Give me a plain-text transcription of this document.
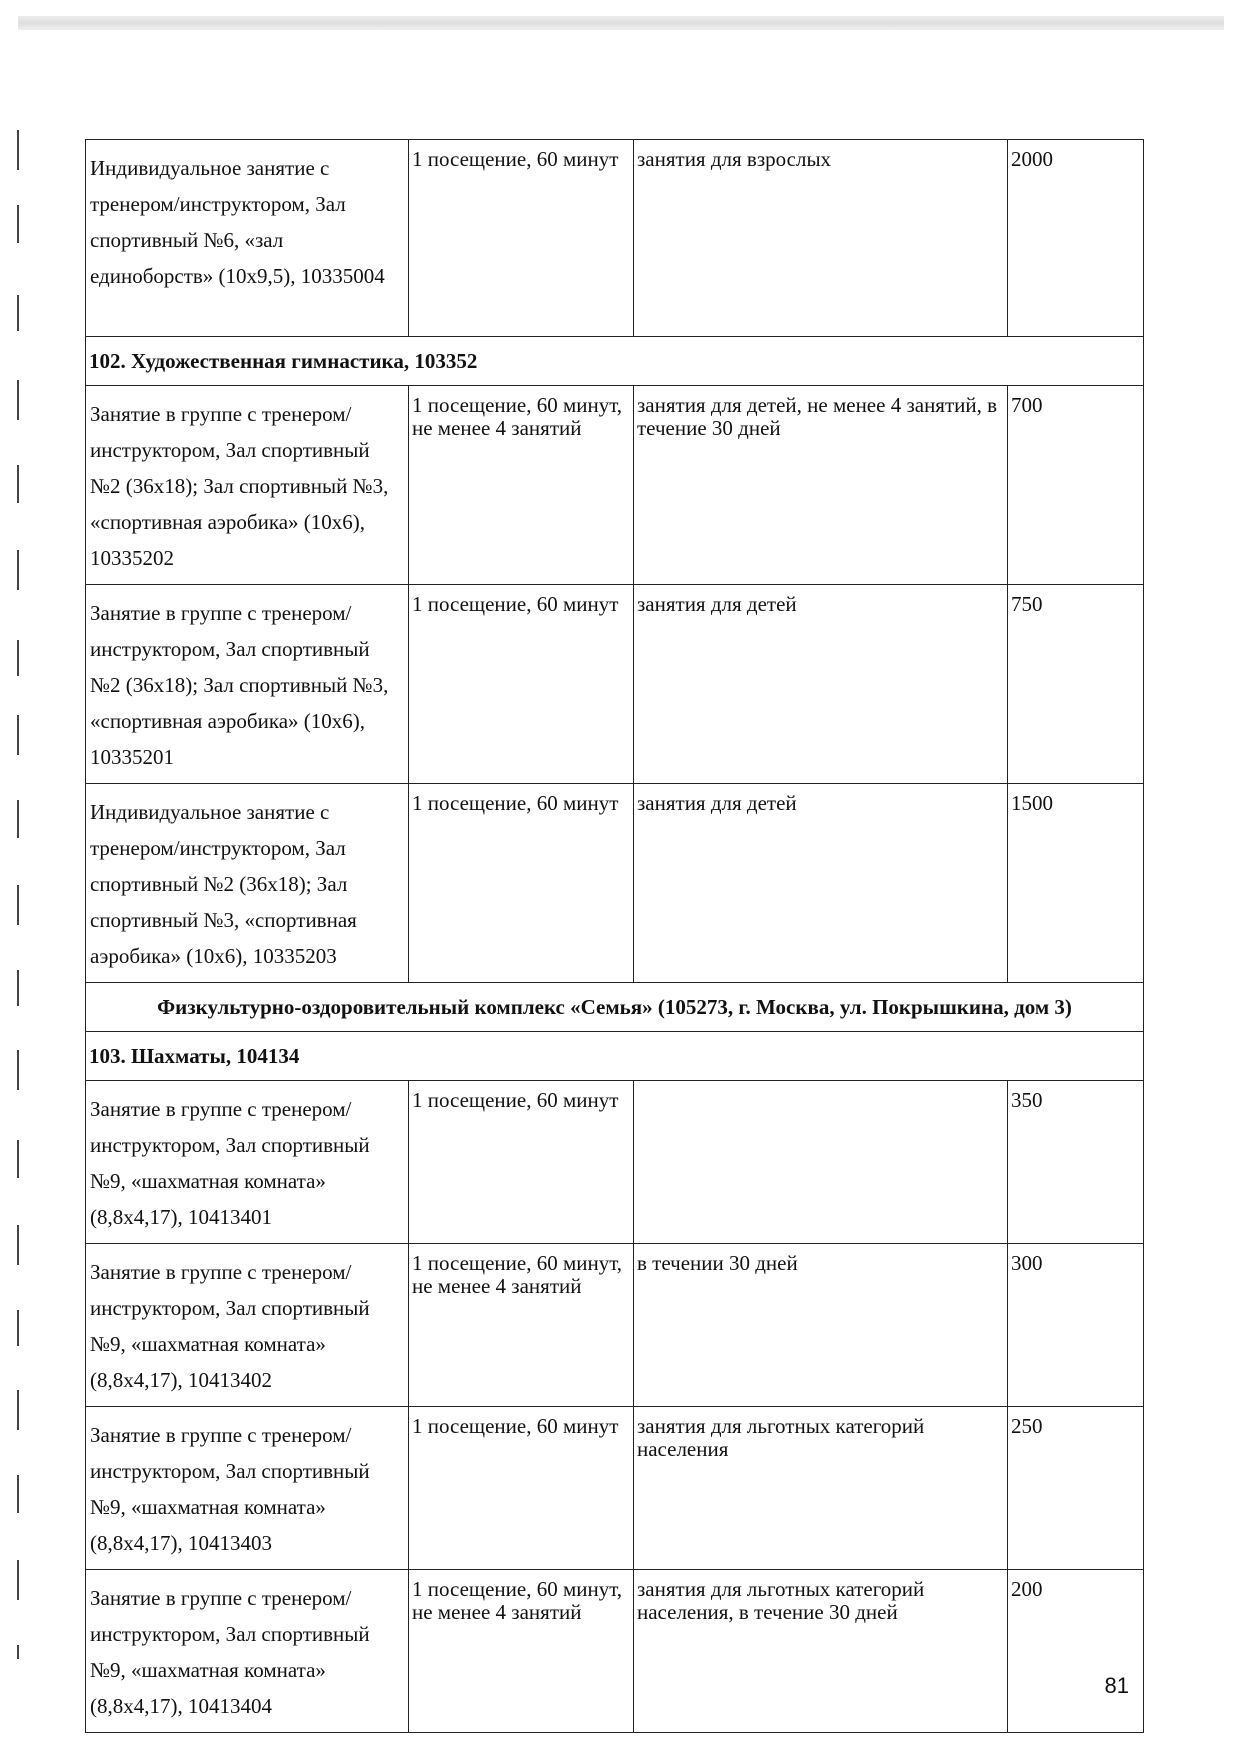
Индивидуальное занятие с тренером/инструктором, Зал спортивный №6, «зал единоборств» (10х9,5), 10335004	1 посещение, 60 минут	занятия для взрослых	2000
102. Художественная гимнастика, 103352			
Занятие в группе с тренером/инструктором, Зал спортивный №2 (36х18); Зал спортивный №3, «спортивная аэробика» (10х6), 10335202	1 посещение, 60 минут, не менее 4 занятий	занятия для детей, не менее 4 занятий, в течение 30 дней	700
Занятие в группе с тренером/инструктором, Зал спортивный №2 (36х18); Зал спортивный №3, «спортивная аэробика» (10х6), 10335201	1 посещение, 60 минут	занятия для детей	750
Индивидуальное занятие с тренером/инструктором, Зал спортивный №2 (36х18); Зал спортивный №3, «спортивная аэробика» (10х6), 10335203	1 посещение, 60 минут	занятия для детей	1500
Физкультурно-оздоровительный комплекс «Семья» (105273, г. Москва, ул. Покрышкина, дом 3)			
103. Шахматы, 104134			
Занятие в группе с тренером/инструктором, Зал спортивный №9, «шахматная комната» (8,8х4,17), 10413401	1 посещение, 60 минут		350
Занятие в группе с тренером/инструктором, Зал спортивный №9, «шахматная комната» (8,8х4,17), 10413402	1 посещение, 60 минут, не менее 4 занятий	в течении 30 дней	300
Занятие в группе с тренером/инструктором, Зал спортивный №9, «шахматная комната» (8,8х4,17), 10413403	1 посещение, 60 минут	занятия для льготных категорий населения	250
Занятие в группе с тренером/инструктором, Зал спортивный №9, «шахматная комната» (8,8х4,17), 10413404	1 посещение, 60 минут, не менее 4 занятий	занятия для льготных категорий населения, в течение 30 дней	200
81
